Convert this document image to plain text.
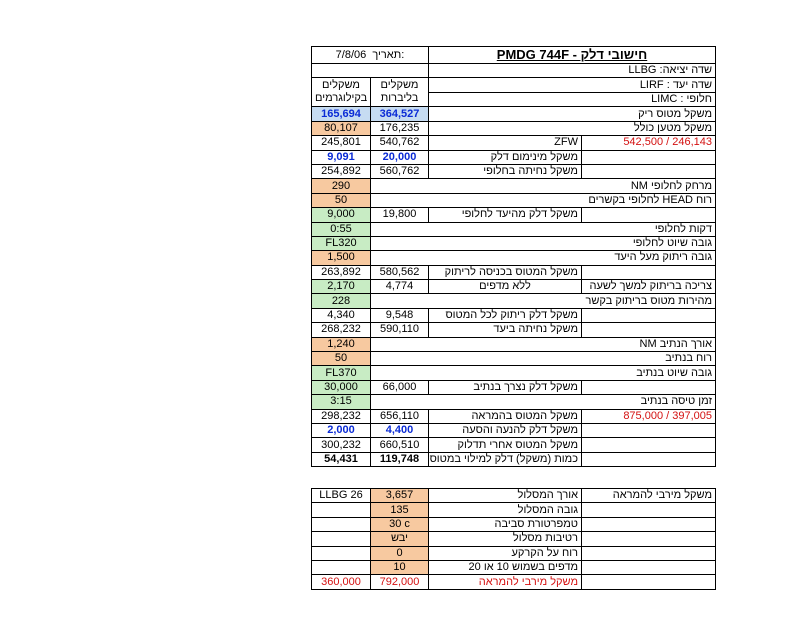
7/8/06 תאריך:		חישובי דלק - PMDG 744F	
		שדה יציאה: LLBG	
משקלים בקילוגרמים	משקלים בליברות	שדה יעד : LIRF	
		חלופי : LIMC	
165,694	364,527	משקל מטוס ריק	
80,107	176,235	משקל מטען כולל	
245,801	540,762	ZFW	246,143 / 542,500
9,091	20,000	משקל מינימום דלק	
254,892	560,762	משקל נחיתה בחלופי	
290	מרחק לחלופי NM		
50	רוח HEAD לחלופי בקשרים		
9,000	19,800	משקל דלק מהיעד לחלופי	
0:55	דקות לחלופי		
FL320	גובה שיוט לחלופי		
1,500	גובה ריתוק מעל היעד		
263,892	580,562	משקל המטוס בכניסה לריתוק	
2,170	4,774	ללא מדפים	צריכה בריתוק למשך לשעה
228	מהירות מטוס בריתוק בקשר		
4,340	9,548	משקל דלק ריתוק לכל המטוס	
268,232	590,110	משקל נחיתה ביעד	
1,240	אורך הנתיב NM		
50	רוח בנתיב		
FL370	גובה שיוט בנתיב		
30,000	66,000	משקל דלק נצרך בנתיב	
3:15	זמן טיסה בנתיב		
298,232	656,110	משקל המטוס בהמראה	397,005 / 875,000
2,000	4,400	משקל דלק להנעה והסעה	
300,232	660,510	משקל המטוס אחרי תדלוק	
54,431	119,748	כמות (משקל) דלק למילוי במטוס	
LLBG 26	3,657	אורך המסלול	משקל מירבי להמראה
	135	גובה המסלול	
	30 c	טמפרטורת סביבה	
	יבש	רטיבות מסלול	
	0	רוח על הקרקע	
	10	מדפים בשמוש 10 או 20	
360,000	792,000	משקל מירבי להמראה	
